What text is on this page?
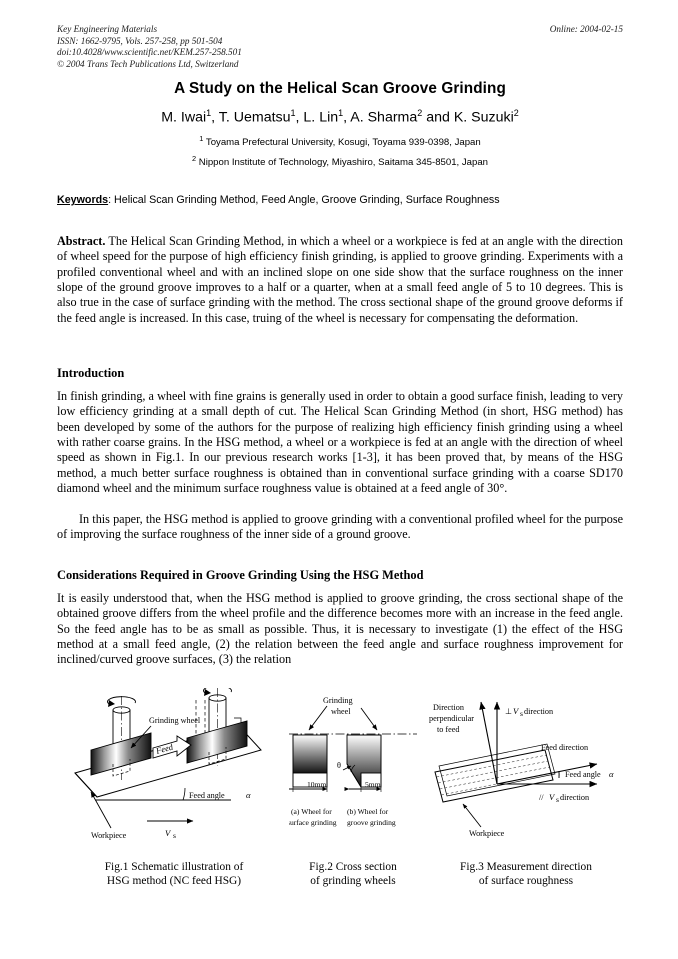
Online: 2004-02-15
Key Engineering Materials
ISSN: 1662-9795, Vols. 257-258, pp 501-504
doi:10.4028/www.scientific.net/KEM.257-258.501
© 2004 Trans Tech Publications Ltd, Switzerland
A Study on the Helical Scan Groove Grinding
M. Iwai$^1$, T. Uematsu$^1$, L. Lin$^1$, A. Sharma$^2$ and K. Suzuki$^2$
$^1$ Toyama Prefectural University, Kosugi, Toyama 939-0398, Japan
$^2$ Nippon Institute of Technology, Miyashiro, Saitama 345-8501, Japan
Keywords: Helical Scan Grinding Method, Feed Angle, Groove Grinding, Surface Roughness
Abstract. The Helical Scan Grinding Method, in which a wheel or a workpiece is fed at an angle with the direction of wheel speed for the purpose of high efficiency finish grinding, is applied to groove grinding. Experiments with a profiled conventional wheel and with an inclined slope on one side show that the surface roughness on the inner slope of the ground groove improves to a half or a quarter, when at a small feed angle of 5 to 10 degrees. This is also true in the case of surface grinding with the method. The cross sectional shape of the ground groove deforms if the feed angle is increased. In this case, truing of the wheel is necessary for compensating the deformation.
Introduction
In finish grinding, a wheel with fine grains is generally used in order to obtain a good surface finish, leading to very low efficiency grinding at a small depth of cut. The Helical Scan Grinding Method (in short, HSG method) has been developed by some of the authors for the purpose of realizing high efficiency finish grinding using a wheel with rather coarse grains. In the HSG method, a wheel or a workpiece is fed at an angle with the direction of wheel speed as shown in Fig.1. In our previous research works [1-3], it has been proved that, by means of the HSG method, a much better surface roughness is obtained than in conventional surface grinding with a coarse SD170 diamond wheel and the minimum surface roughness value is obtained at a feed angle of 30°.
In this paper, the HSG method is applied to groove grinding with a conventional profiled wheel for the purpose of improving the surface roughness of the inner side of a ground groove.
Considerations Required in Groove Grinding Using the HSG Method
It is easily understood that, when the HSG method is applied to groove grinding, the cross sectional shape of the obtained groove differs from the wheel profile and the difference becomes more with an increase in the feed angle. So the feed angle has to be as small as possible. Thus, it is necessary to investigate (1) the effect of the HSG method at a small feed angle, (2) the relation between the feed angle and surface roughness improvement for inclined/curved groove surfaces, (3) the relation
Feed
Grinding wheel
Feed angle α
V s
Workpiece
Fig.1 Schematic illustration of
HSG method (NC feed HSG)
Grinding
wheel
10mm	5mm
θ
(a) Wheel for
surface grinding
(b) Wheel for
groove grinding
Fig.2 Cross section
of grinding wheels
Direction
perpendicular
to feed
⊥ V s direction
Feed direction
Feed angle α
// V s direction
Workpiece
Fig.3 Measurement direction
of surface roughness
